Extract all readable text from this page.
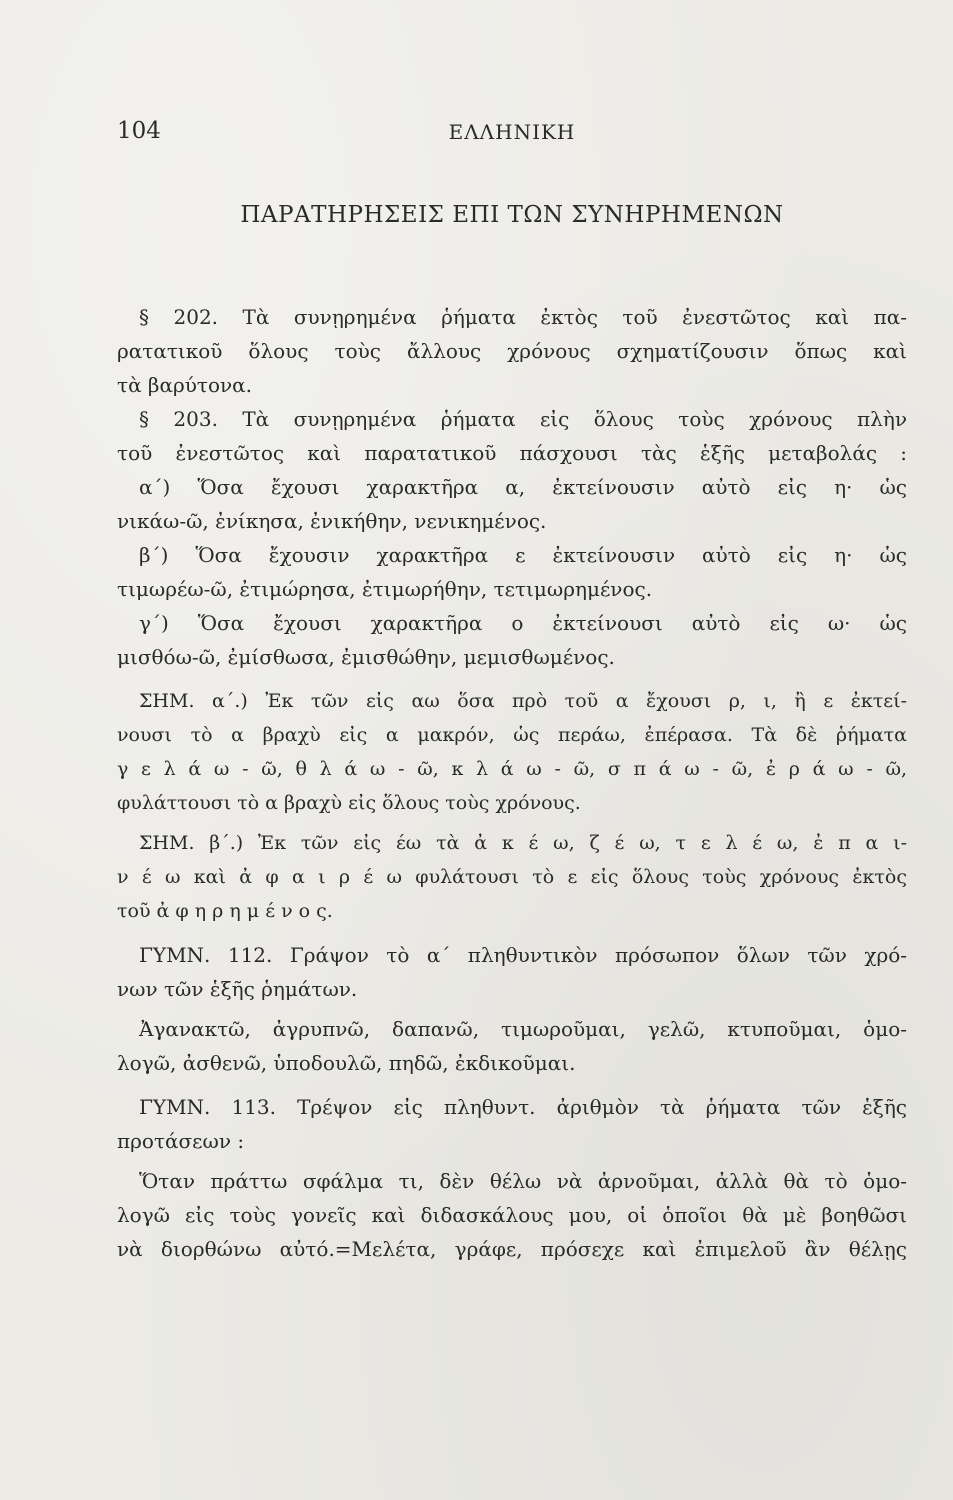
104	ΕΛΛΗΝΙΚΗ
ΠΑΡΑΤΗΡΗΣΕΙΣ ΕΠΙ ΤΩΝ ΣΥΝΗΡΗΜΕΝΩΝ
§ 202. Τὰ συνῃρημένα ῥήματα ἐκτὸς τοῦ ἐνεστῶτος καὶ πα-
ρατατικοῦ ὅλους τοὺς ἄλλους χρόνους σχηματίζουσιν ὅπως καὶ
τὰ βαρύτονα.
§ 203. Τὰ συνῃρημένα ῥήματα εἰς ὅλους τοὺς χρόνους πλὴν
τοῦ ἐνεστῶτος καὶ παρατατικοῦ πάσχουσι τὰς ἑξῆς μεταβολάς :
α΄) Ὅσα ἔχουσι χαρακτῆρα α, ἐκτείνουσιν αὐτὸ εἰς η· ὡς
νικάω-ῶ, ἐνίκησα, ἐνικήθην, νενικημένος.
β΄) Ὅσα ἔχουσιν χαρακτῆρα ε ἐκτείνουσιν αὐτὸ εἰς η· ὡς
τιμωρέω-ῶ, ἐτιμώρησα, ἐτιμωρήθην, τετιμωρημένος.
γ΄) Ὅσα ἔχουσι χαρακτῆρα ο ἐκτείνουσι αὐτὸ εἰς ω· ὡς
μισθόω-ῶ, ἐμίσθωσα, ἐμισθώθην, μεμισθωμένος.
ΣΗΜ. α΄.) Ἐκ τῶν εἰς αω ὅσα πρὸ τοῦ α ἔχουσι ρ, ι, ἢ ε ἐκτεί-
νουσι τὸ α βραχὺ εἰς α μακρόν, ὡς περάω, ἐπέρασα. Τὰ δὲ ῥήματα
γ ε λ ά ω - ῶ, θ λ ά ω - ῶ, κ λ ά ω - ῶ, σ π ά ω - ῶ, ἐ ρ ά ω - ῶ,
φυλάττουσι τὸ α βραχὺ εἰς ὅλους τοὺς χρόνους.
ΣΗΜ. β΄.) Ἐκ τῶν εἰς έω τὰ ἀ κ έ ω, ζ έ ω, τ ε λ έ ω, ἐ π α ι-
ν έ ω καὶ ἀ φ α ι ρ έ ω φυλάτουσι τὸ ε εἰς ὅλους τοὺς χρόνους ἐκτὸς
τοῦ ἀ φ η ρ η μ έ ν ο ς.
ΓΥΜΝ. 112. Γράψον τὸ α΄ πληθυντικὸν πρόσωπον ὅλων τῶν χρό-
νων τῶν ἑξῆς ῥημάτων.
Ἀγανακτῶ, ἀγρυπνῶ, δαπανῶ, τιμωροῦμαι, γελῶ, κτυποῦμαι, ὁμο-
λογῶ, ἀσθενῶ, ὑποδουλῶ, πηδῶ, ἐκδικοῦμαι.
ΓΥΜΝ. 113. Τρέψον εἰς πληθυντ. ἀριθμὸν τὰ ῥήματα τῶν ἑξῆς
προτάσεων :
Ὅταν πράττω σφάλμα τι, δὲν θέλω νὰ ἀρνοῦμαι, ἀλλὰ θὰ τὸ ὁμο-
λογῶ εἰς τοὺς γονεῖς καὶ διδασκάλους μου, οἱ ὁποῖοι θὰ μὲ βοηθῶσι
νὰ διορθώνω αὐτό.=Μελέτα, γράφε, πρόσεχε καὶ ἐπιμελοῦ ἂν θέλῃς
